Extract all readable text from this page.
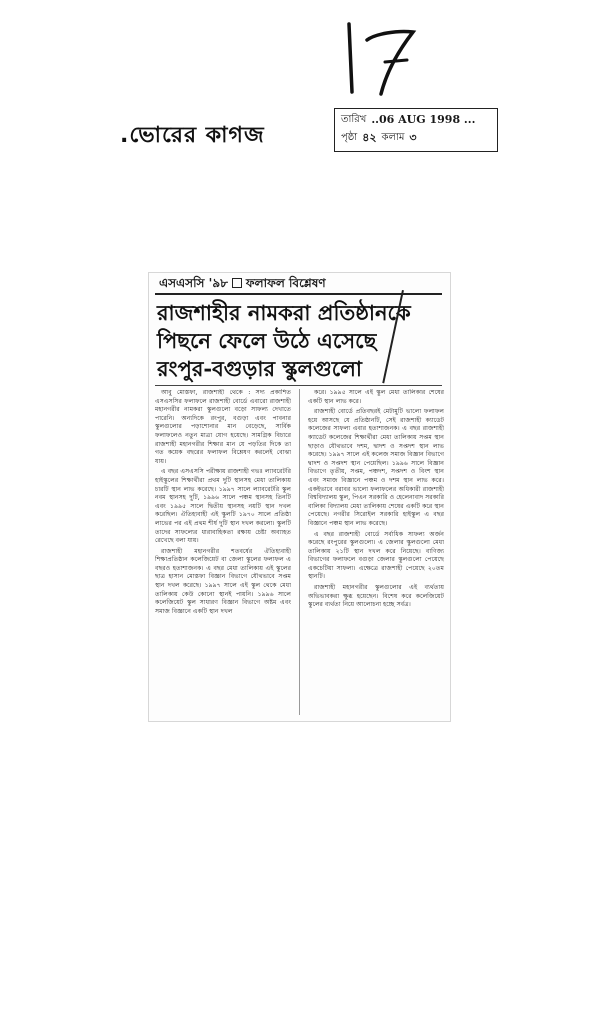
.ভোরের কাগজ
তারিখ ..06 AUG 1998 ...
পৃষ্ঠা ৪২ কলাম ৩
এসএসসি '৯৮ ফলাফল বিশ্লেষণ
রাজশাহীর নামকরা প্রতিষ্ঠানকে
পিছনে ফেলে উঠে এসেছে
রংপুর-বগুড়ার স্কুলগুলো

আবু মোস্তফা, রাজশাহী থেকে : সদ্য প্রকাশিত এসএসসির ফলাফলে রাজশাহী বোর্ডে এবারো রাজশাহী মহানগরীর নামকরা স্কুলগুলো বড়ো সাফল্য দেখাতে পারেনি। অন্যদিকে রংপুর, বগুড়া এবং পাবনার স্কুলগুলোর পড়াশোনার মান বেড়েছে, সার্বিক ফলাফলেও নতুন মাত্রা যোগ হয়েছে। সামগ্রিক বিচারে রাজশাহী মহানগরীর শিক্ষার মান যে পড়তির দিকে তা গত কয়েক বছরের ফলাফল বিশ্লেষণ করলেই বোঝা যায়।

এ বছর এসএসসি পরীক্ষায় রাজশাহী গভঃ ল্যাবরেটরি হাইস্কুলের শিক্ষার্থীরা প্রথম দুটি স্থানসহ মেধা তালিকায় চারটি স্থান লাভ করেছে। ১৯৯৭ সালে ল্যাবরেটরি স্কুল নবম স্থানসহ দুটি, ১৯৯৬ সালে পঞ্চম স্থানসহ তিনটি এবং ১৯৯৫ সালে দ্বিতীয় স্থানসহ নয়টি স্থান দখল করেছিল। ঐতিহ্যবাহী এই স্কুলটি ১৯৭০ সালে প্রতিষ্ঠা লাভের পর এই প্রথম শীর্ষ দুটি স্থান দখল করলো। স্কুলটি তাদের সাফল্যের ধারাবাহিকতা রক্ষায় চেষ্টা অব্যাহত রেখেছে বলা যায়।

রাজশাহী মহানগরীর শতবর্ষের ঐতিহ্যবাহী শিক্ষাপ্রতিষ্ঠান কলেজিয়েট বা জেলা স্কুলের ফলাফল এ বছরও হতাশাজনক। এ বছর মেধা তালিকায় এই স্কুলের ছাত্র হাসান মোস্তফা বিজ্ঞান বিভাগে যৌথভাবে সপ্তম স্থান দখল করেছে। ১৯৯৭ সালে এই স্কুল থেকে মেধা তালিকায় কেউ কোনো স্থানই পায়নি। ১৯৯৬ সালে কলেজিয়েট স্কুল সাধারণ বিজ্ঞান বিভাগে অষ্টম এবং সমাজ বিজ্ঞানে একটি স্থান দখল

করে। ১৯৯৫ সালে এই স্কুল মেধা তালিকার শেষের একটি স্থান লাভ করে।

রাজশাহী বোর্ডে প্রতিবছরই মেটামুটি ভালো ফলাফল হয়ে আসছে যে প্রতিষ্ঠানটি, সেই রাজশাহী ক্যাডেট কলেজের সাফল্য এবার হতাশাজনক। এ বছর রাজশাহী ক্যাডেট কলেজের শিক্ষার্থীরা মেধা তালিকায় সপ্তম স্থান ছাড়াও যৌথভাবে দশম, দ্বাদশ ও সপ্তদশ স্থান লাভ করেছে। ১৯৯৭ সালে এই কলেজ সমাজ বিজ্ঞান বিভাগে দ্বাদশ ও সপ্তদশ স্থান পেয়েছিল। ১৯৯৬ সালে বিজ্ঞান বিভাগে তৃতীয়, সপ্তম, পঞ্চদশ, সপ্তদশ ও বিংশ স্থান এবং সমাজ বিজ্ঞানে পঞ্চম ও দশম স্থান লাভ করে। একইভাবে বরাবর ভালো ফলাফলের অধিকারী রাজশাহী বিশ্ববিদ্যালয় স্কুল, পিএন সরকারি ও হেলেনাবাদ সরকারি বালিকা বিদ্যালয় মেধা তালিকায় শেষের একটি করে স্থান পেয়েছে। নগরীর সিরোইল সরকারি হাইস্কুল এ বছর বিজ্ঞানে পঞ্চম স্থান লাভ করেছে।

এ বছর রাজশাহী বোর্ডে সর্বাধিক সাফল্য অর্জন করেছে রংপুরের স্কুলগুলো। এ জেলার স্কুলগুলো মেধা তালিকায় ২১টি স্থান দখল করে নিয়েছে। বাণিজ্য বিভাগের ফলাফলে বগুড়া জেলার স্কুলগুলো পেয়েছে একচেটিয়া সাফল্য। এক্ষেত্রে রাজশাহী পেয়েছে ২০তম স্থানটি।

রাজশাহী মহানগরীর স্কুলগুলোর এই ব্যর্থতায় অভিভাবকরা ক্ষুব্ধ হয়েছেন। বিশেষ করে কলেজিয়েট স্কুলের ব্যর্থতা নিয়ে আলোচনা হচ্ছে সর্বত্র।
